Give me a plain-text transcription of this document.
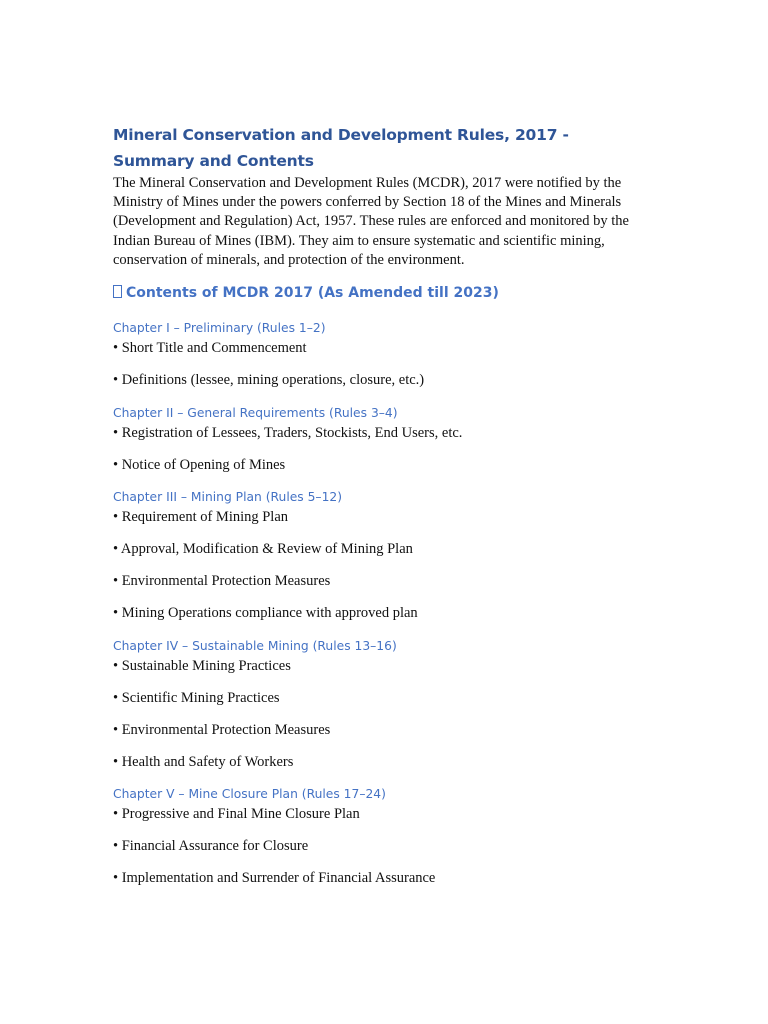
Mineral Conservation and Development Rules, 2017 - Summary and Contents

The Mineral Conservation and Development Rules (MCDR), 2017 were notified by the Ministry of Mines under the powers conferred by Section 18 of the Mines and Minerals (Development and Regulation) Act, 1957. These rules are enforced and monitored by the Indian Bureau of Mines (IBM). They aim to ensure systematic and scientific mining, conservation of minerals, and protection of the environment.

Contents of MCDR 2017 (As Amended till 2023)
Chapter I – Preliminary (Rules 1–2)
• Short Title and Commencement
• Definitions (lessee, mining operations, closure, etc.)
Chapter II – General Requirements (Rules 3–4)
• Registration of Lessees, Traders, Stockists, End Users, etc.
• Notice of Opening of Mines
Chapter III – Mining Plan (Rules 5–12)
• Requirement of Mining Plan
• Approval, Modification & Review of Mining Plan
• Environmental Protection Measures
• Mining Operations compliance with approved plan
Chapter IV – Sustainable Mining (Rules 13–16)
• Sustainable Mining Practices
• Scientific Mining Practices
• Environmental Protection Measures
• Health and Safety of Workers
Chapter V – Mine Closure Plan (Rules 17–24)
• Progressive and Final Mine Closure Plan
• Financial Assurance for Closure
• Implementation and Surrender of Financial Assurance
